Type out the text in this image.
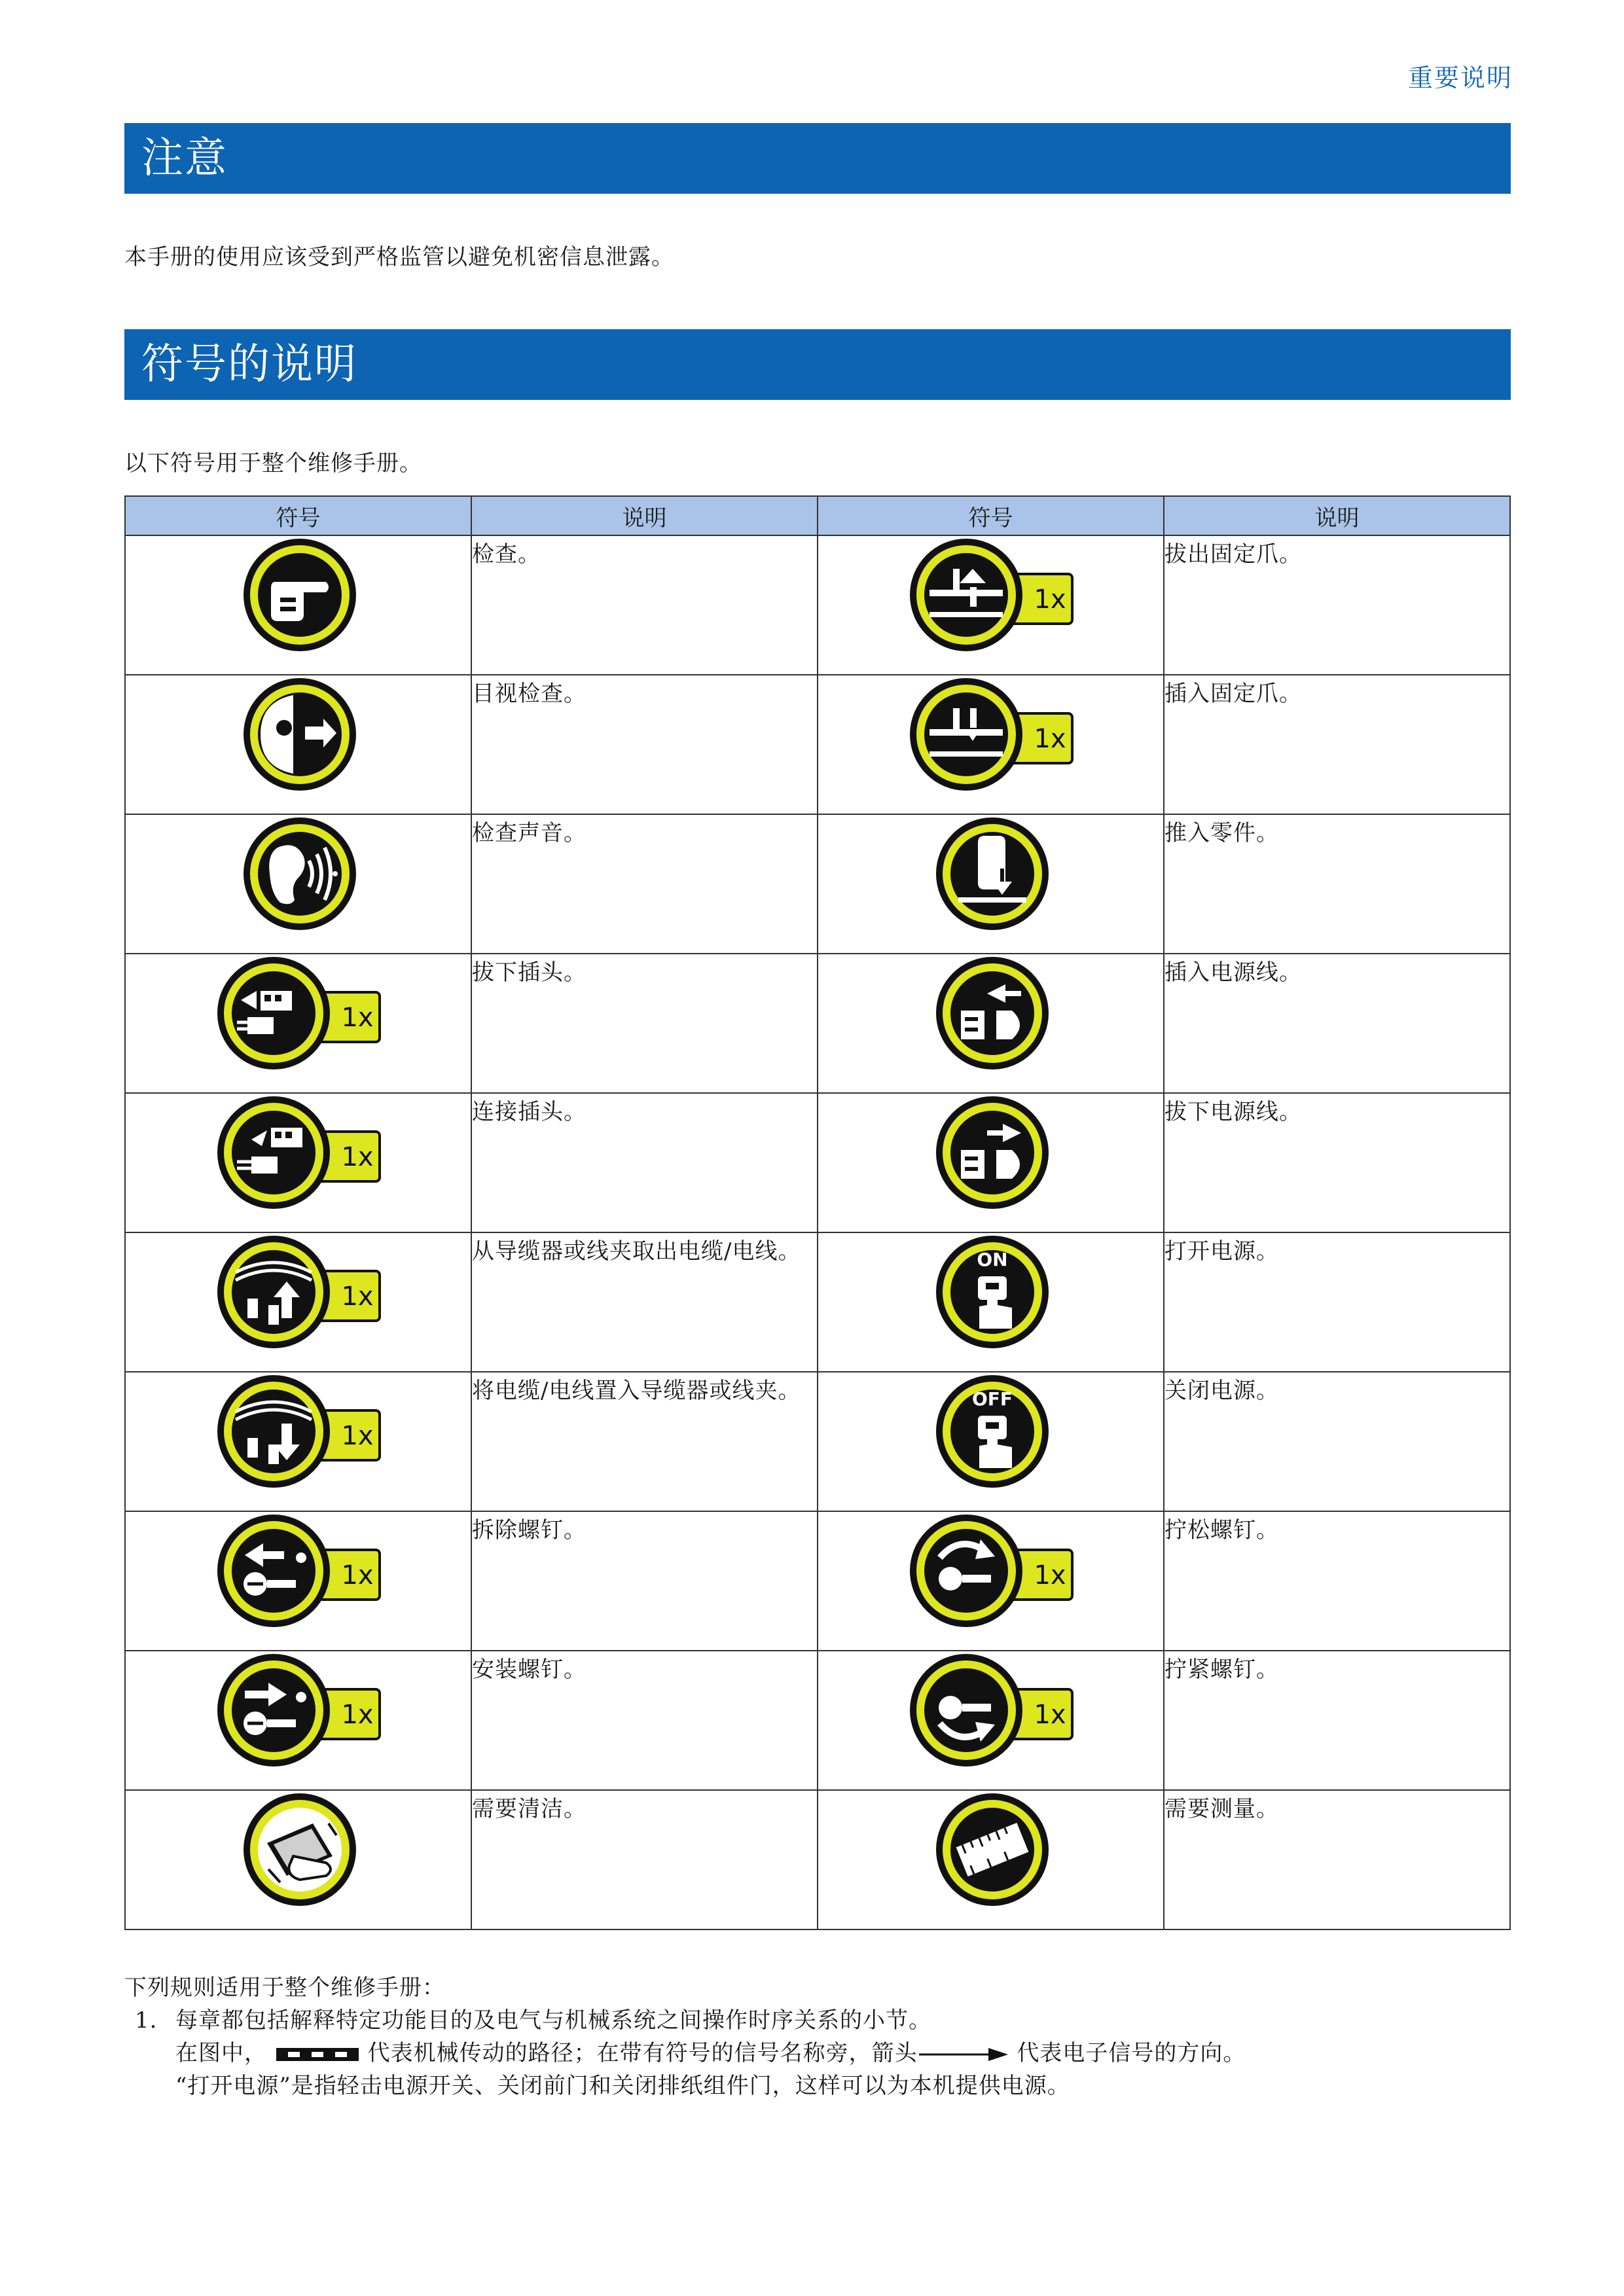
重要说明
注意
本手册的使用应该受到严格监管以避免机密信息泄露。
符号的说明
以下符号用于整个维修手册。
符号	说明	符号	说明
	检查。	1x	拔出固定爪。
	目视检查。	1x	插入固定爪。
	检查声音。		推入零件。

1x	拔下插头。		插入电源线。

1x	连接插头。		拔下电源线。

1x	从导缆器或线夹取出电缆/电线。	ON	打开电源。

1x	将电缆/电线置入导缆器或线夹。	OFF	关闭电源。

1x	拆除螺钉。	1x	拧松螺钉。

1x	安装螺钉。	1x	拧紧螺钉。
	需要清洁。		需要测量。
下列规则适用于整个维修手册：
1. 每章都包括解释特定功能目的及电气与机械系统之间操作时序关系的小节。
在图中，	代表机械传动的路径；在带有符号的信号名称旁，箭头	代表电子信号的方向。
“打开电源”是指轻击电源开关、关闭前门和关闭排纸组件门，这样可以为本机提供电源。
